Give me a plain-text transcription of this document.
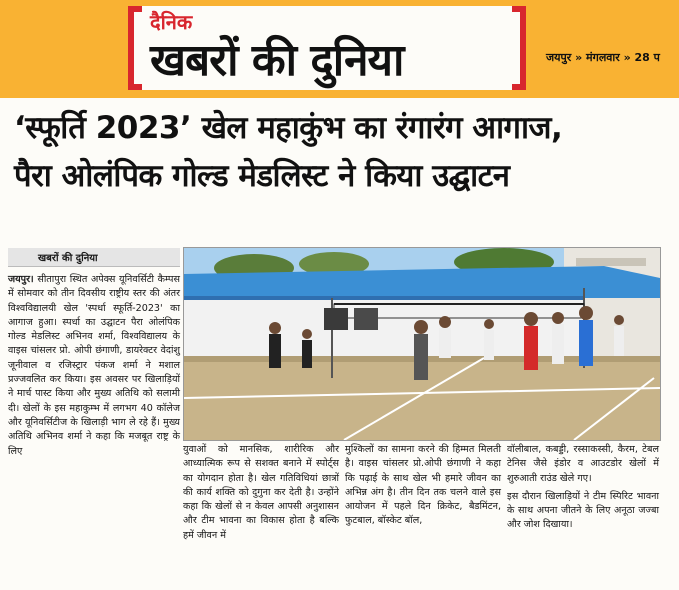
दैनिक
खबरों की दुनिया	जयपुर » मंगलवार » 28 प
‘स्फूर्ति 2023’ खेल महाकुंभ का रंगारंग आगाज,
पैरा ओलंपिक गोल्ड मेडलिस्ट ने किया उद्घाटन
खबरों की दुनिया
जयपुर। सीतापुरा स्थित अपेक्स यूनिवर्सिटी कैम्पस में सोमवार को तीन दिवसीय राष्ट्रीय स्तर की अंतर विश्वविद्यालयी खेल 'स्पर्धा स्फूर्ति-2023' का आगाज हुआ। स्पर्धा का उद्घाटन पैरा ओलंपिक गोल्ड मेडलिस्ट अभिनव शर्मा, विश्वविद्यालय के वाइस चांसलर प्रो. ओपी छंगाणी, डायरेक्टर वेदांशु जूनीवाल व रजिस्ट्रार पंकज शर्मा ने मशाल प्रज्जवलित कर किया। इस अवसर पर खिलाड़ियों ने मार्च पास्ट किया और मुख्य अतिथि को सलामी दी। खेलों के इस महाकुम्भ में लगभग 40 कॉलेज और यूनिवर्सिटीज के खिलाड़ी भाग ले रहे हैं। मुख्य अतिथि अभिनव शर्मा ने कहा कि मजबूत राष्ट्र के लिए	युवाओं को मानसिक, शारीरिक और आध्यात्मिक रूप से सशक्त बनाने में स्पोर्ट्स का योगदान होता है। खेल गतिविधियां छात्रों की कार्य शक्ति को दुगुना कर देती है। उन्होंने कहा कि खेलों से न केवल आपसी अनुशासन और टीम भावना का विकास होता है बल्कि हमें जीवन में
मुश्किलों का सामना करने की हिम्मत मिलती है। वाइस चांसलर प्रो.ओपी छंगाणी ने कहा कि पढ़ाई के साथ खेल भी हमारे जीवन का अभिन्न अंग है। तीन दिन तक चलने वाले इस आयोजन में पहले दिन क्रिकेट, बैडमिंटन, फुटबाल, बॉस्केट बॉल,
वॉलीबाल, कबड्डी, रस्साकस्सी, कैरम, टेबल टेनिस जैसे इंडोर व आउटडोर खेलों में शुरुआती राउंड खेले गए।
इस दौरान खिलाड़ियों ने टीम स्पिरिट भावना के साथ अपना जीतने के लिए अनूठा जज्बा और जोश दिखाया।
